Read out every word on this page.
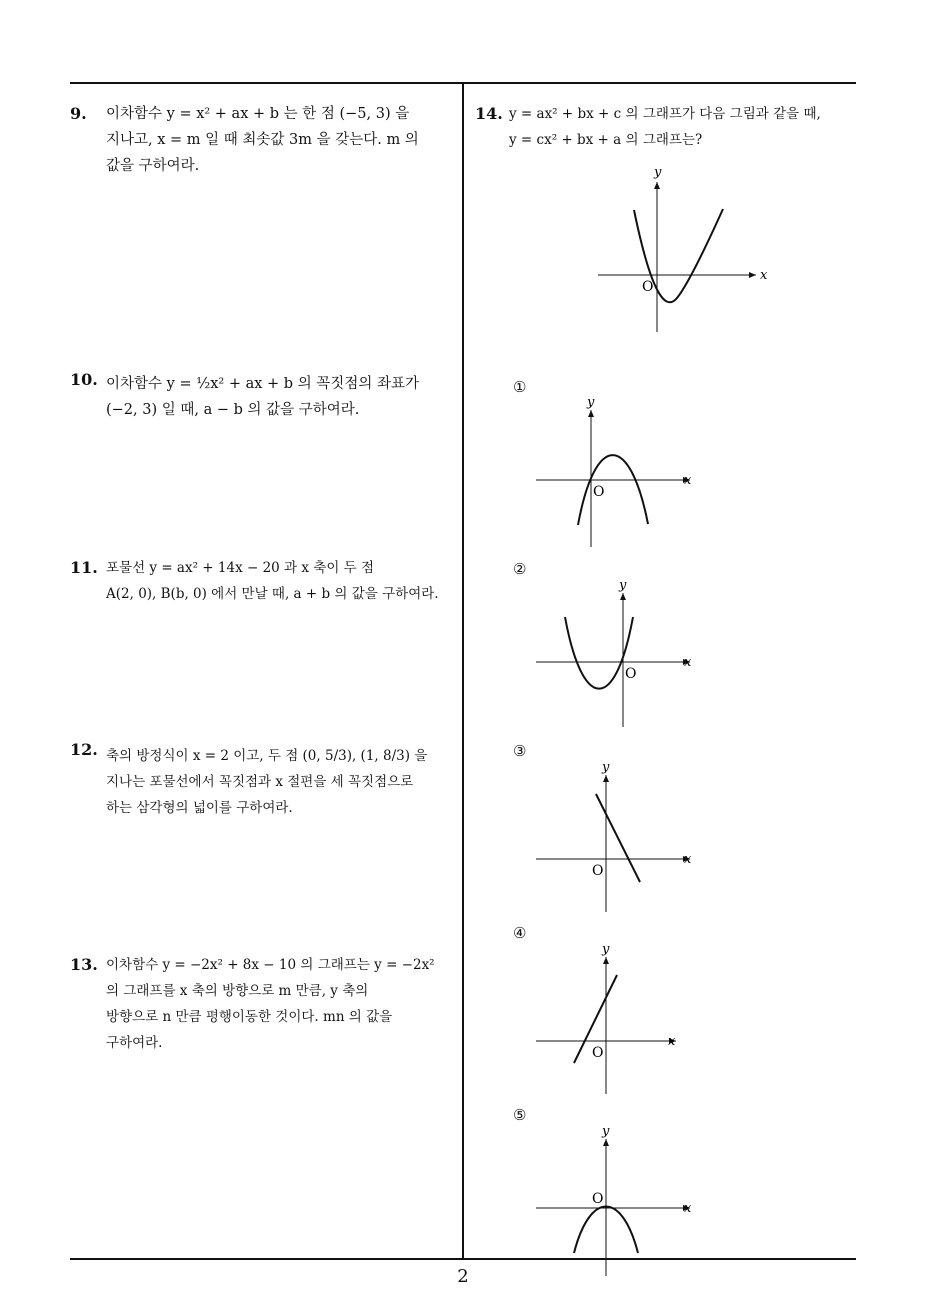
9. 이차함수 y = x² + ax + b 는 한 점 (−5, 3) 을
지나고, x = m 일 때 최솟값 3m 을 갖는다. m 의
값을 구하여라.
10. 이차함수 y = ½x² + ax + b 의 꼭짓점의 좌표가
(−2, 3) 일 때, a − b 의 값을 구하여라.
11. 포물선 y = ax² + 14x − 20 과 x 축이 두 점
A(2, 0), B(b, 0) 에서 만날 때, a + b 의 값을 구하여라.
12. 축의 방정식이 x = 2 이고, 두 점 (0, 5/3), (1, 8/3) 을
지나는 포물선에서 꼭짓점과 x 절편을 세 꼭짓점으로
하는 삼각형의 넓이를 구하여라.
13. 이차함수 y = −2x² + 8x − 10 의 그래프는 y = −2x²
의 그래프를 x 축의 방향으로 m 만큼, y 축의
방향으로 n 만큼 평행이동한 것이다. mn 의 값을
구하여라.
14. y = ax² + bx + c 의 그래프가 다음 그림과 같을 때,
y = cx² + bx + a 의 그래프는?
x
y
O
①
x
y
O
②
x
y
O
③
x
y
O
④
x
y
O
⑤
x
y
O
2
